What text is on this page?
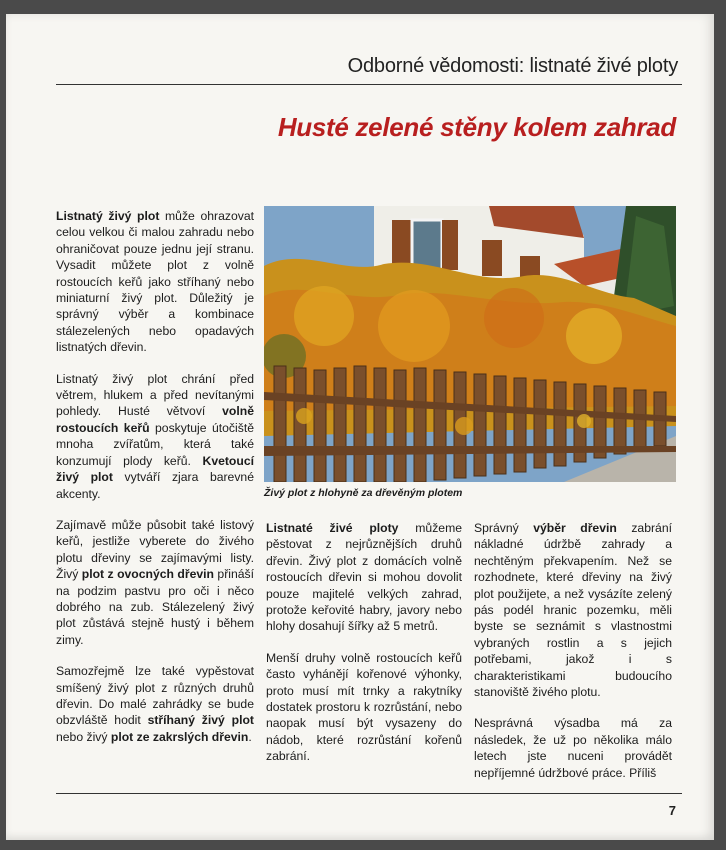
Odborné vědomosti: listnaté živé ploty
Husté zelené stěny kolem zahrad

Listnatý živý plot může ohrazovat celou velkou či malou zahradu nebo ohraničovat pouze jednu její stranu. Vysadit můžete plot z volně rostoucích keřů jako stříhaný nebo miniaturní živý plot. Důležitý je správný výběr a kombinace stálezelených nebo opadavých listnatých dřevin.

Listnatý živý plot chrání před větrem, hlukem a před nevítanými pohledy. Husté větvoví volně rostoucích keřů poskytuje útočiště mnoha zvířatům, která také konzumují plody keřů. Kvetoucí živý plot vytváří zjara barevné akcenty.

Zajímavě může působit také listový keřů, jestliže vyberete do živého plotu dřeviny se zajímavými listy. Živý plot z ovocných dřevin přináší na podzim pastvu pro oči i něco dobrého na zub. Stálezelený živý plot zůstává stejně hustý i během zimy.

Samozřejmě lze také vypěstovat smíšený živý plot z různých druhů dřevin. Do malé zahrádky se bude obzvláště hodit stříhaný živý plot nebo živý plot ze zakrslých dřevin.

Živý plot z hlohyně za dřevěným plotem

Listnaté živé ploty můžeme pěstovat z nejrůznějších druhů dřevin. Živý plot z domácích volně rostoucích dřevin si mohou dovolit pouze majitelé velkých zahrad, protože keřovité habry, javory nebo hlohy dosahují šířky až 5 metrů.

Menší druhy volně rostoucích keřů často vyhánějí kořenové výhonky, proto musí mít trnky a rakytníky dostatek prostoru k rozrůstání, nebo naopak musí být vysazeny do nádob, které rozrůstání kořenů zabrání.

Správný výběr dřevin zabrání nákladné údržbě zahrady a nechtěným překvapením. Než se rozhodnete, které dřeviny na živý plot použijete, a než vysázíte zelený pás podél hranic pozemku, měli byste se seznámit s vlastnostmi vybraných rostlin a s jejich potřebami, jakož i s charakteristikami budoucího stanoviště živého plotu.

Nesprávná výsadba má za následek, že už po několika málo letech jste nuceni provádět nepříjemné údržbové práce. Příliš

7
